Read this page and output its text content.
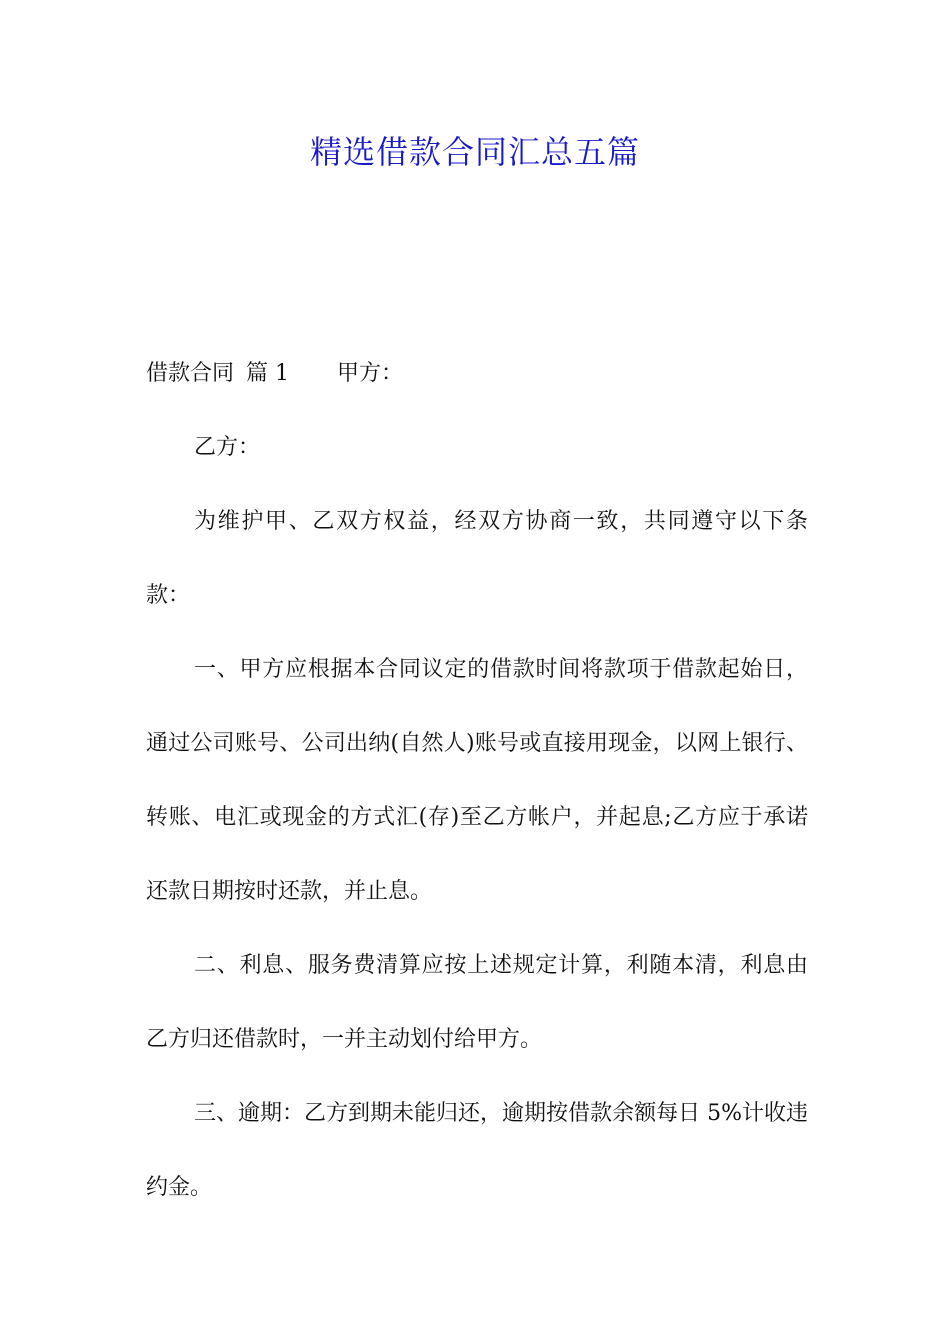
精选借款合同汇总五篇

借款合同 篇 1 甲方：

乙方：

为维护甲、乙双方权益，经双方协商一致，共同遵守以下条款：

一、甲方应根据本合同议定的借款时间将款项于借款起始日，通过公司账号、公司出纳(自然人)账号或直接用现金，以网上银行、转账、电汇或现金的方式汇(存)至乙方帐户，并起息;乙方应于承诺还款日期按时还款，并止息。

二、利息、服务费清算应按上述规定计算，利随本清，利息由乙方归还借款时，一并主动划付给甲方。

三、逾期：乙方到期未能归还，逾期按借款余额每日 5%计收违约金。
